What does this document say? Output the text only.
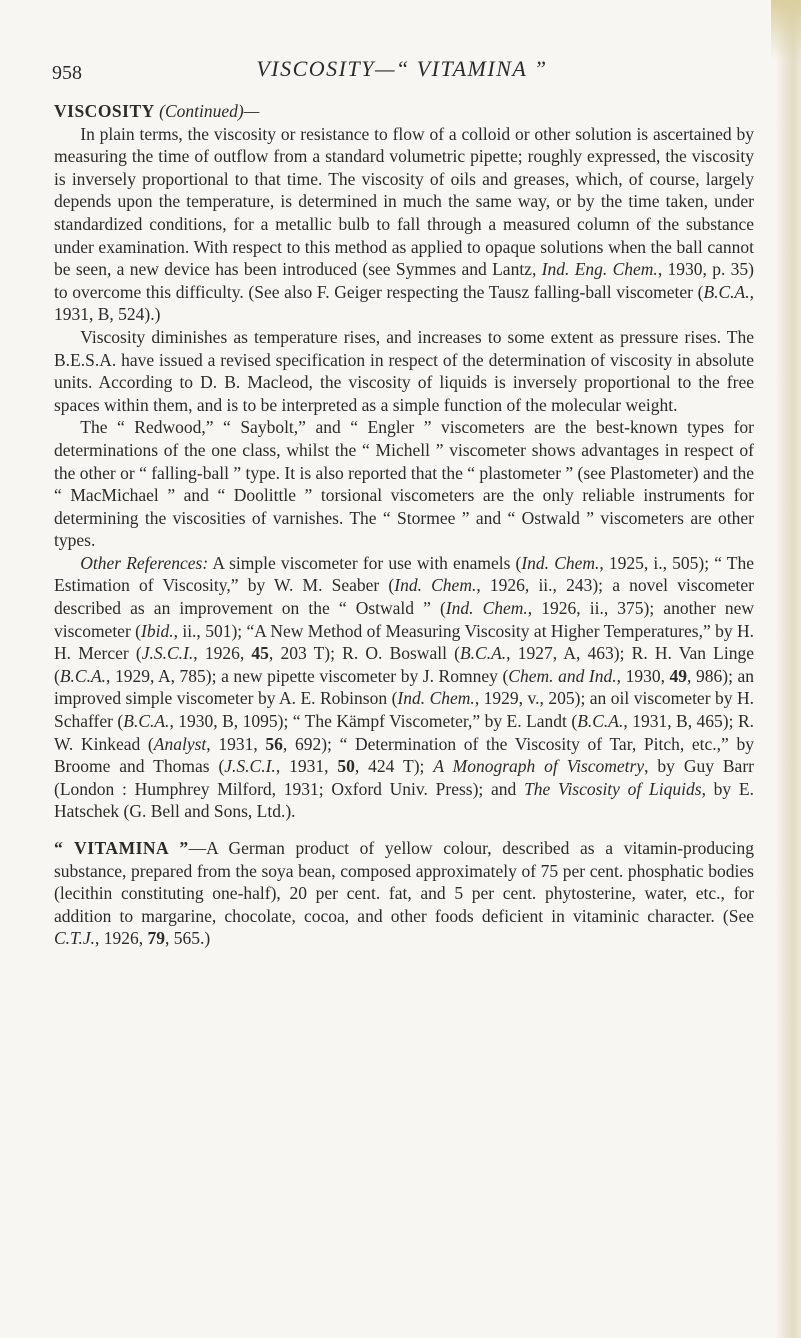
958	VISCOSITY—“ VITAMINA ”

VISCOSITY (Continued)—

In plain terms, the viscosity or resistance to flow of a colloid or other solution is ascertained by measuring the time of outflow from a standard volumetric pipette; roughly expressed, the viscosity is inversely proportional to that time. The viscosity of oils and greases, which, of course, largely depends upon the temperature, is determined in much the same way, or by the time taken, under standardized conditions, for a metallic bulb to fall through a measured column of the substance under examination. With respect to this method as applied to opaque solutions when the ball cannot be seen, a new device has been introduced (see Symmes and Lantz, Ind. Eng. Chem., 1930, p. 35) to overcome this difficulty. (See also F. Geiger respecting the Tausz falling-ball viscometer (B.C.A., 1931, B, 524).)

Viscosity diminishes as temperature rises, and increases to some extent as pressure rises. The B.E.S.A. have issued a revised specification in respect of the determination of viscosity in absolute units. According to D. B. Macleod, the viscosity of liquids is inversely proportional to the free spaces within them, and is to be interpreted as a simple function of the molecular weight.

The “ Redwood,” “ Saybolt,” and “ Engler ” viscometers are the best-known types for determinations of the one class, whilst the “ Michell ” viscometer shows advantages in respect of the other or “ falling-ball ” type. It is also reported that the “ plastometer ” (see Plastometer) and the “ MacMichael ” and “ Doolittle ” torsional viscometers are the only reliable instruments for determining the viscosities of varnishes. The “ Stormee ” and “ Ostwald ” viscometers are other types.

Other References: A simple viscometer for use with enamels (Ind. Chem., 1925, i., 505); “ The Estimation of Viscosity,” by W. M. Seaber (Ind. Chem., 1926, ii., 243); a novel viscometer described as an improvement on the “ Ostwald ” (Ind. Chem., 1926, ii., 375); another new viscometer (Ibid., ii., 501); “A New Method of Measuring Viscosity at Higher Temperatures,” by H. H. Mercer (J.S.C.I., 1926, 45, 203 T); R. O. Boswall (B.C.A., 1927, A, 463); R. H. Van Linge (B.C.A., 1929, A, 785); a new pipette viscometer by J. Romney (Chem. and Ind., 1930, 49, 986); an improved simple viscometer by A. E. Robinson (Ind. Chem., 1929, v., 205); an oil viscometer by H. Schaffer (B.C.A., 1930, B, 1095); “ The Kämpf Viscometer,” by E. Landt (B.C.A., 1931, B, 465); R. W. Kinkead (Analyst, 1931, 56, 692); “ Determination of the Viscosity of Tar, Pitch, etc.,” by Broome and Thomas (J.S.C.I., 1931, 50, 424 T); A Monograph of Viscometry, by Guy Barr (London : Humphrey Milford, 1931; Oxford Univ. Press); and The Viscosity of Liquids, by E. Hatschek (G. Bell and Sons, Ltd.).

“ VITAMINA ”—A German product of yellow colour, described as a vitamin-producing substance, prepared from the soya bean, composed approximately of 75 per cent. phosphatic bodies (lecithin constituting one-half), 20 per cent. fat, and 5 per cent. phytosterine, water, etc., for addition to margarine, chocolate, cocoa, and other foods deficient in vitaminic character. (See C.T.J., 1926, 79, 565.)
